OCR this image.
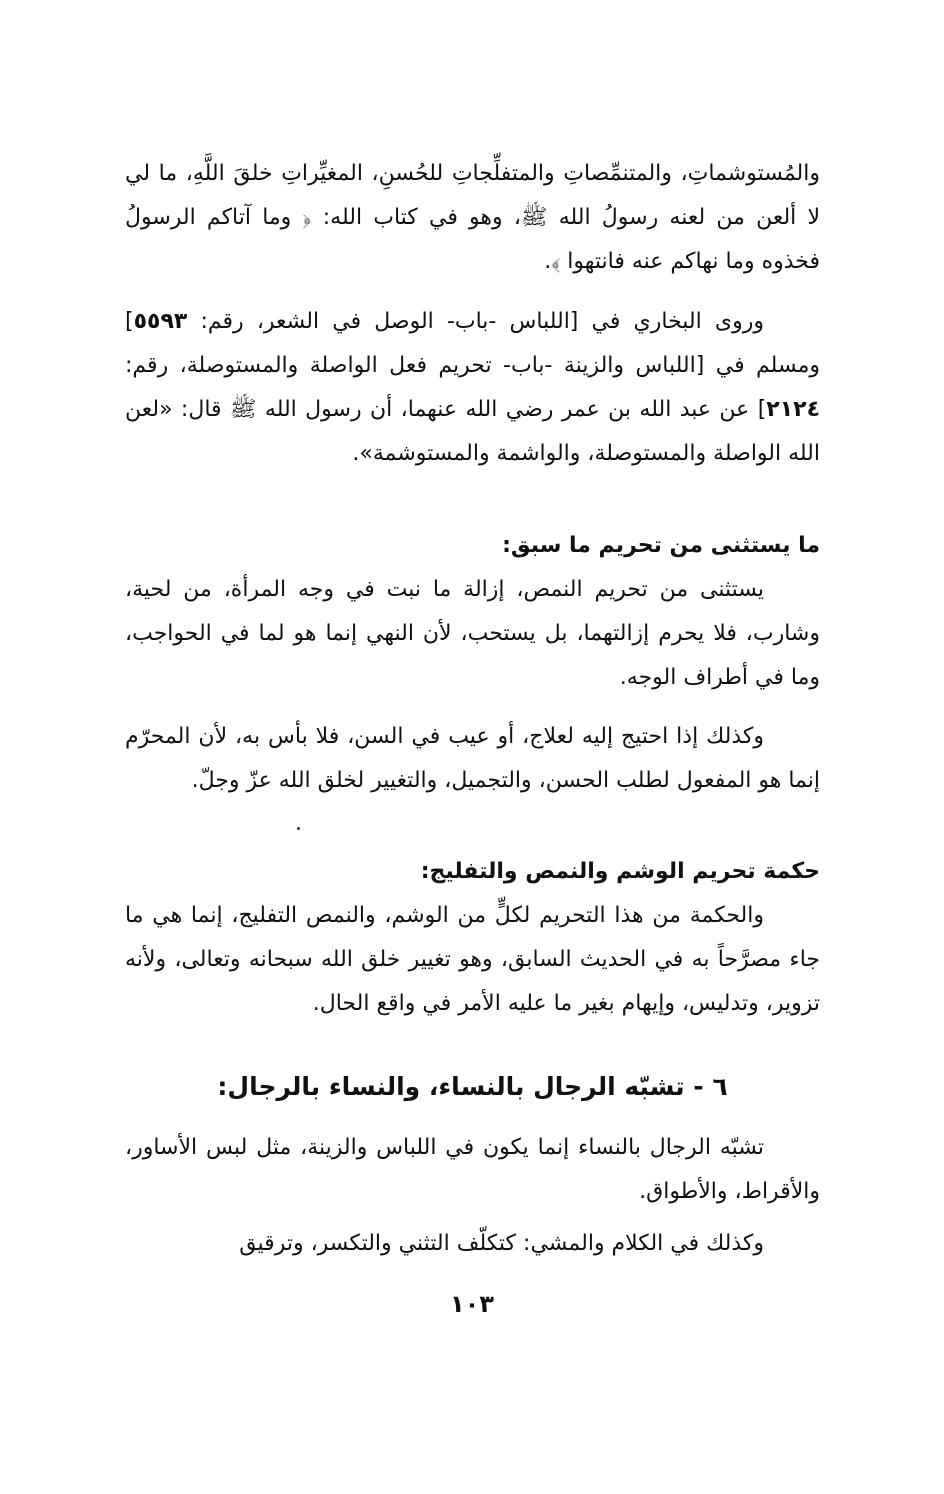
والمُستوشماتِ، والمتنمِّصاتِ والمتفلِّجاتِ للحُسنِ، المغيِّراتِ خلقَ اللَّهِ، ما لي لا ألعن من لعنه رسولُ الله ﷺ، وهو في كتاب الله: ﴿ وما آتاكم الرسولُ فخذوه وما نهاكم عنه فانتهوا ﴾.

وروى البخاري في [اللباس -باب- الوصل في الشعر، رقم: ٥٥٩٣] ومسلم في [اللباس والزينة -باب- تحريم فعل الواصلة والمستوصلة، رقم: ٢١٢٤] عن عبد الله بن عمر رضي الله عنهما، أن رسول الله ﷺ قال: «لعن الله الواصلة والمستوصلة، والواشمة والمستوشمة».

ما يستثنى من تحريم ما سبق:

يستثنى من تحريم النمص، إزالة ما نبت في وجه المرأة، من لحية، وشارب، فلا يحرم إزالتهما، بل يستحب، لأن النهي إنما هو لما في الحواجب، وما في أطراف الوجه.

وكذلك إذا احتيج إليه لعلاج، أو عيب في السن، فلا بأس به، لأن المحرّم إنما هو المفعول لطلب الحسن، والتجميل، والتغيير لخلق الله عزّ وجلّ.

حكمة تحريم الوشم والنمص والتفليج:

والحكمة من هذا التحريم لكلٍّ من الوشم، والنمص التفليج، إنما هي ما جاء مصرَّحاً به في الحديث السابق، وهو تغيير خلق الله سبحانه وتعالى، ولأنه تزوير، وتدليس، وإيهام بغير ما عليه الأمر في واقع الحال.

٦ - تشبّه الرجال بالنساء، والنساء بالرجال:

تشبّه الرجال بالنساء إنما يكون في اللباس والزينة، مثل لبس الأساور، والأقراط، والأطواق.

وكذلك في الكلام والمشي: كتكلّف التثني والتكسر، وترقيق

١٠٣
